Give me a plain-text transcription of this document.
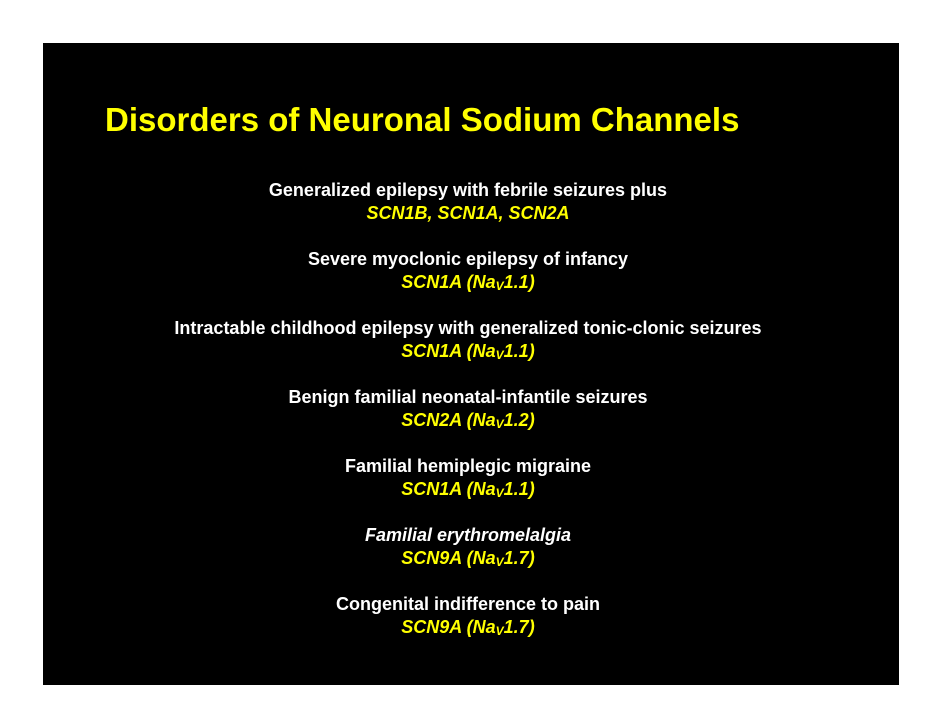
Disorders of Neuronal Sodium Channels
Generalized epilepsy with febrile seizures plus
SCN1B, SCN1A, SCN2A
Severe myoclonic epilepsy of infancy
SCN1A $(Na_V1.1)$
Intractable childhood epilepsy with generalized tonic-clonic seizures
SCN1A $(Na_V1.1)$
Benign familial neonatal-infantile seizures
SCN2A $(Na_V1.2)$
Familial hemiplegic migraine
SCN1A $(Na_V1.1)$
Familial erythromelalgia
SCN9A $(Na_V1.7)$
Congenital indifference to pain
SCN9A $(Na_V1.7)$
